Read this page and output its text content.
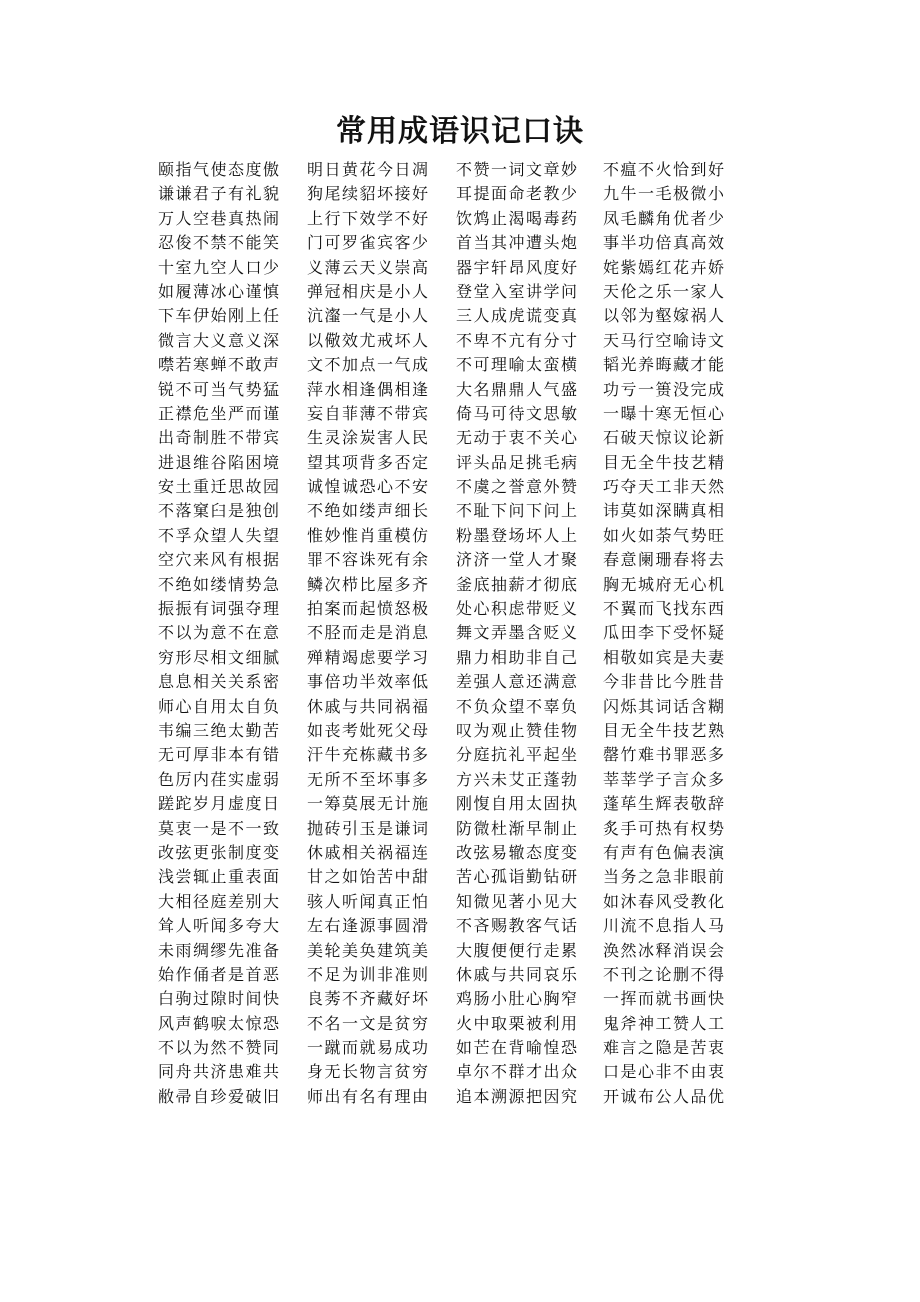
常用成语识记口诀
颐指气使态度傲
谦谦君子有礼貌
万人空巷真热闹
忍俊不禁不能笑
十室九空人口少
如履薄冰心谨慎
下车伊始刚上任
微言大义意义深
噤若寒蝉不敢声
锐不可当气势猛
正襟危坐严而谨
出奇制胜不带宾
进退维谷陷困境
安土重迁思故园
不落窠臼是独创
不孚众望人失望
空穴来风有根据
不绝如缕情势急
振振有词强夺理
不以为意不在意
穷形尽相文细腻
息息相关关系密
师心自用太自负
韦编三绝太勤苦
无可厚非本有错
色厉内荏实虚弱
蹉跎岁月虚度日
莫衷一是不一致
改弦更张制度变
浅尝辄止重表面
大相径庭差别大
耸人听闻多夸大
未雨绸缪先准备
始作俑者是首恶
白驹过隙时间快
风声鹤唳太惊恐
不以为然不赞同
同舟共济患难共
敝帚自珍爱破旧
明日黄花今日凋
狗尾续貂坏接好
上行下效学不好
门可罗雀宾客少
义薄云天义崇高
弹冠相庆是小人
沆瀣一气是小人
以儆效尤戒坏人
文不加点一气成
萍水相逢偶相逢
妄自菲薄不带宾
生灵涂炭害人民
望其项背多否定
诚惶诚恐心不安
不绝如缕声细长
惟妙惟肖重模仿
罪不容诛死有余
鳞次栉比屋多齐
拍案而起愤怒极
不胫而走是消息
殚精竭虑要学习
事倍功半效率低
休戚与共同祸福
如丧考妣死父母
汗牛充栋藏书多
无所不至坏事多
一筹莫展无计施
抛砖引玉是谦词
休戚相关祸福连
甘之如饴苦中甜
骇人听闻真正怕
左右逢源事圆滑
美轮美奂建筑美
不足为训非准则
良莠不齐藏好坏
不名一文是贫穷
一蹴而就易成功
身无长物言贫穷
师出有名有理由
不赞一词文章妙
耳提面命老教少
饮鸩止渴喝毒药
首当其冲遭头炮
器宇轩昂风度好
登堂入室讲学问
三人成虎谎变真
不卑不亢有分寸
不可理喻太蛮横
大名鼎鼎人气盛
倚马可待文思敏
无动于衷不关心
评头品足挑毛病
不虞之誉意外赞
不耻下问下问上
粉墨登场坏人上
济济一堂人才聚
釜底抽薪才彻底
处心积虑带贬义
舞文弄墨含贬义
鼎力相助非自己
差强人意还满意
不负众望不辜负
叹为观止赞佳物
分庭抗礼平起坐
方兴未艾正蓬勃
刚愎自用太固执
防微杜渐早制止
改弦易辙态度变
苦心孤诣勤钻研
知微见著小见大
不吝赐教客气话
大腹便便行走累
休戚与共同哀乐
鸡肠小肚心胸窄
火中取栗被利用
如芒在背喻惶恐
卓尔不群才出众
追本溯源把因究
不瘟不火恰到好
九牛一毛极微小
凤毛麟角优者少
事半功倍真高效
姹紫嫣红花卉娇
天伦之乐一家人
以邻为壑嫁祸人
天马行空喻诗文
韬光养晦藏才能
功亏一篑没完成
一曝十寒无恒心
石破天惊议论新
目无全牛技艺精
巧夺天工非天然
讳莫如深瞒真相
如火如荼气势旺
春意阑珊春将去
胸无城府无心机
不翼而飞找东西
瓜田李下受怀疑
相敬如宾是夫妻
今非昔比今胜昔
闪烁其词话含糊
目无全牛技艺熟
罄竹难书罪恶多
莘莘学子言众多
蓬荜生辉表敬辞
炙手可热有权势
有声有色偏表演
当务之急非眼前
如沐春风受教化
川流不息指人马
涣然冰释消误会
不刊之论删不得
一挥而就书画快
鬼斧神工赞人工
难言之隐是苦衷
口是心非不由衷
开诚布公人品优
